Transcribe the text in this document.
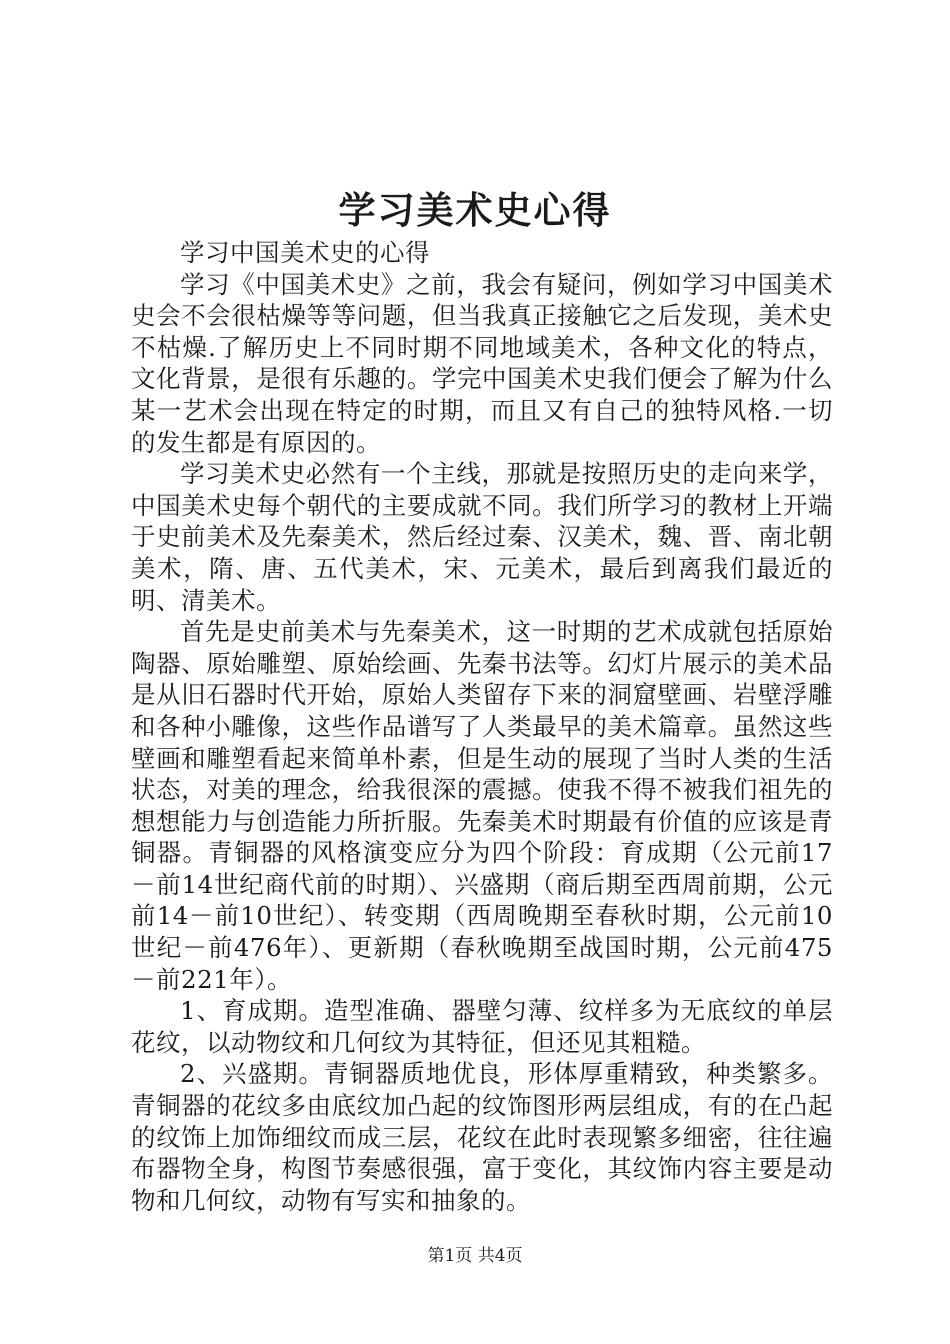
学习美术史心得

学习中国美术史的心得

学习《中国美术史》之前，我会有疑问，例如学习中国美术史会不会很枯燥等等问题，但当我真正接触它之后发现，美术史不枯燥.了解历史上不同时期不同地域美术，各种文化的特点，文化背景，是很有乐趣的。学完中国美术史我们便会了解为什么某一艺术会出现在特定的时期，而且又有自己的独特风格.一切的发生都是有原因的。

学习美术史必然有一个主线，那就是按照历史的走向来学，中国美术史每个朝代的主要成就不同。我们所学习的教材上开端于史前美术及先秦美术，然后经过秦、汉美术，魏、晋、南北朝美术，隋、唐、五代美术，宋、元美术，最后到离我们最近的明、清美术。

首先是史前美术与先秦美术，这一时期的艺术成就包括原始陶器、原始雕塑、原始绘画、先秦书法等。幻灯片展示的美术品是从旧石器时代开始，原始人类留存下来的洞窟壁画、岩壁浮雕和各种小雕像，这些作品谱写了人类最早的美术篇章。虽然这些壁画和雕塑看起来简单朴素，但是生动的展现了当时人类的生活状态，对美的理念，给我很深的震撼。使我不得不被我们祖先的想想能力与创造能力所折服。先秦美术时期最有价值的应该是青铜器。青铜器的风格演变应分为四个阶段：育成期（公元前17－前14世纪商代前的时期）、兴盛期（商后期至西周前期，公元前14－前10世纪）、转变期（西周晚期至春秋时期，公元前10世纪－前476年）、更新期（春秋晚期至战国时期，公元前475－前221年）。

1、育成期。造型准确、器壁匀薄、纹样多为无底纹的单层花纹，以动物纹和几何纹为其特征，但还见其粗糙。

2、兴盛期。青铜器质地优良，形体厚重精致，种类繁多。青铜器的花纹多由底纹加凸起的纹饰图形两层组成，有的在凸起的纹饰上加饰细纹而成三层，花纹在此时表现繁多细密，往往遍布器物全身，构图节奏感很强，富于变化，其纹饰内容主要是动物和几何纹，动物有写实和抽象的。

第1页 共4页
